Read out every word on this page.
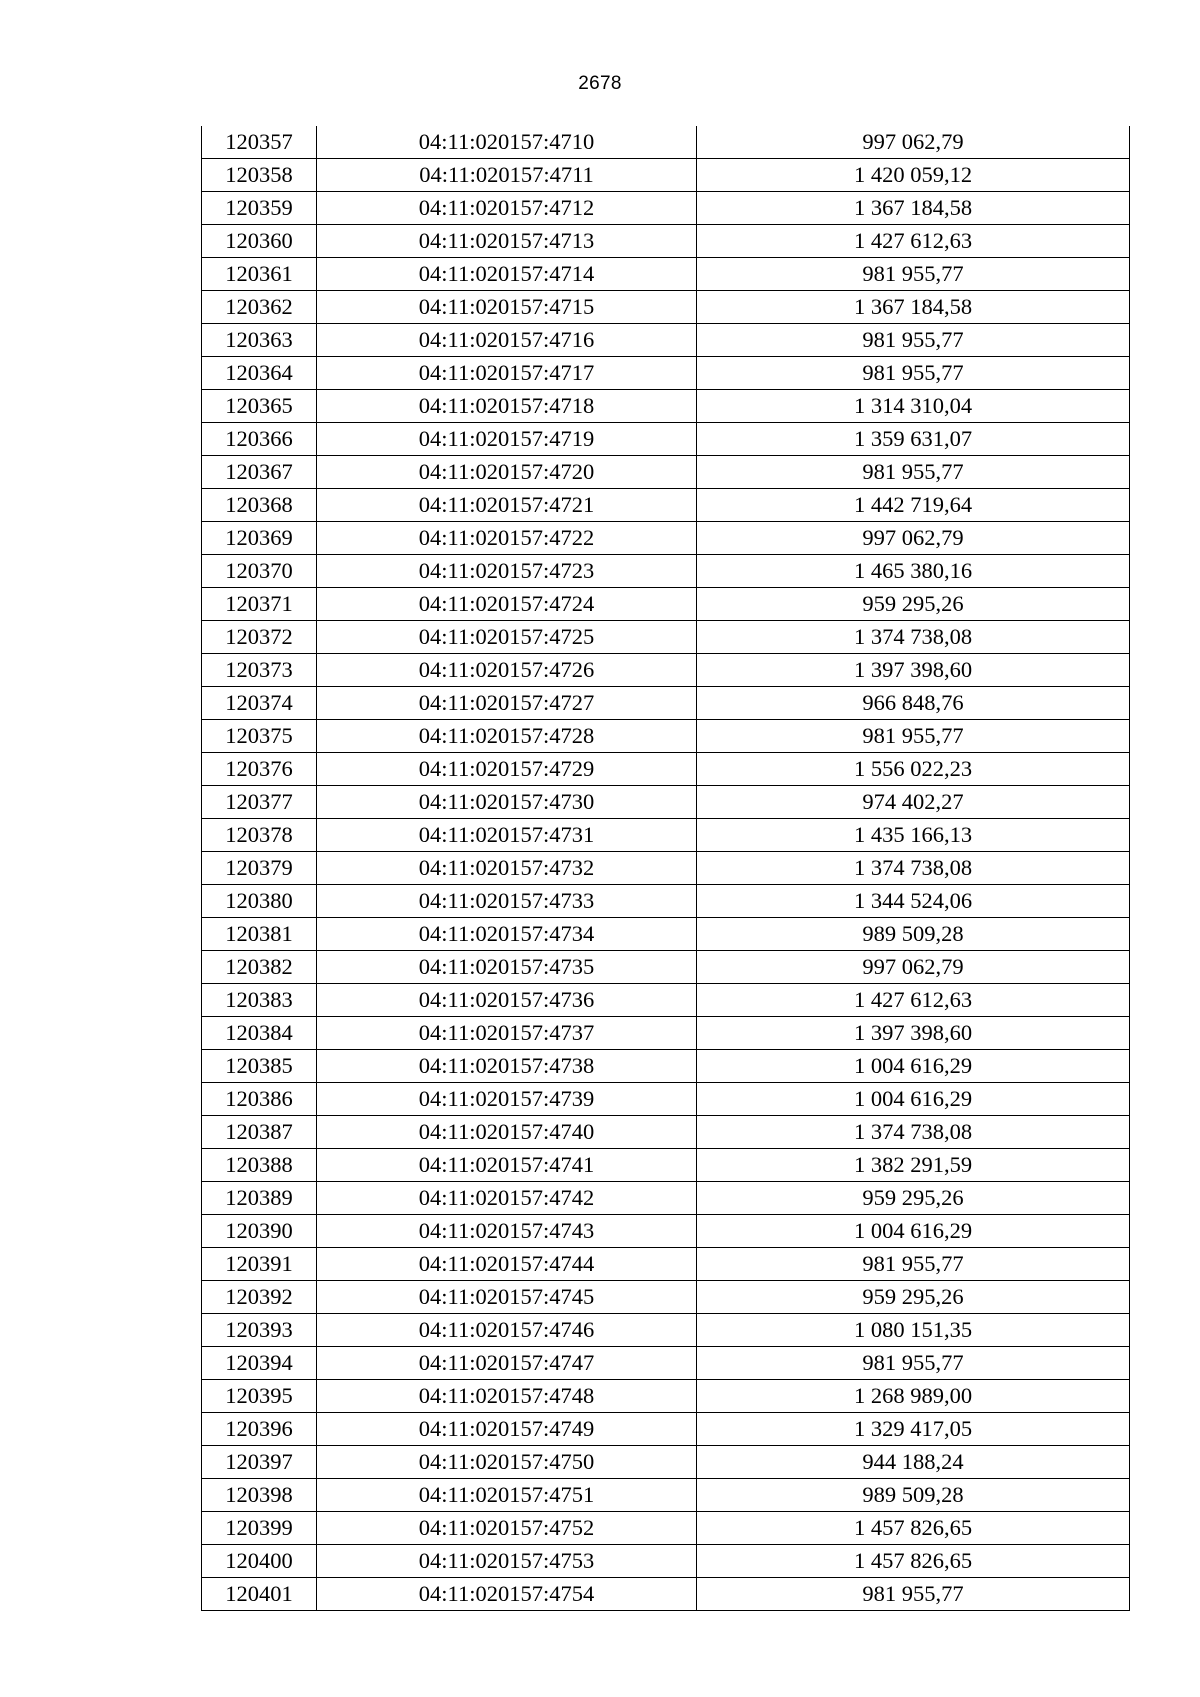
2678
120357	04:11:020157:4710	997 062,79
120358	04:11:020157:4711	1 420 059,12
120359	04:11:020157:4712	1 367 184,58
120360	04:11:020157:4713	1 427 612,63
120361	04:11:020157:4714	981 955,77
120362	04:11:020157:4715	1 367 184,58
120363	04:11:020157:4716	981 955,77
120364	04:11:020157:4717	981 955,77
120365	04:11:020157:4718	1 314 310,04
120366	04:11:020157:4719	1 359 631,07
120367	04:11:020157:4720	981 955,77
120368	04:11:020157:4721	1 442 719,64
120369	04:11:020157:4722	997 062,79
120370	04:11:020157:4723	1 465 380,16
120371	04:11:020157:4724	959 295,26
120372	04:11:020157:4725	1 374 738,08
120373	04:11:020157:4726	1 397 398,60
120374	04:11:020157:4727	966 848,76
120375	04:11:020157:4728	981 955,77
120376	04:11:020157:4729	1 556 022,23
120377	04:11:020157:4730	974 402,27
120378	04:11:020157:4731	1 435 166,13
120379	04:11:020157:4732	1 374 738,08
120380	04:11:020157:4733	1 344 524,06
120381	04:11:020157:4734	989 509,28
120382	04:11:020157:4735	997 062,79
120383	04:11:020157:4736	1 427 612,63
120384	04:11:020157:4737	1 397 398,60
120385	04:11:020157:4738	1 004 616,29
120386	04:11:020157:4739	1 004 616,29
120387	04:11:020157:4740	1 374 738,08
120388	04:11:020157:4741	1 382 291,59
120389	04:11:020157:4742	959 295,26
120390	04:11:020157:4743	1 004 616,29
120391	04:11:020157:4744	981 955,77
120392	04:11:020157:4745	959 295,26
120393	04:11:020157:4746	1 080 151,35
120394	04:11:020157:4747	981 955,77
120395	04:11:020157:4748	1 268 989,00
120396	04:11:020157:4749	1 329 417,05
120397	04:11:020157:4750	944 188,24
120398	04:11:020157:4751	989 509,28
120399	04:11:020157:4752	1 457 826,65
120400	04:11:020157:4753	1 457 826,65
120401	04:11:020157:4754	981 955,77
